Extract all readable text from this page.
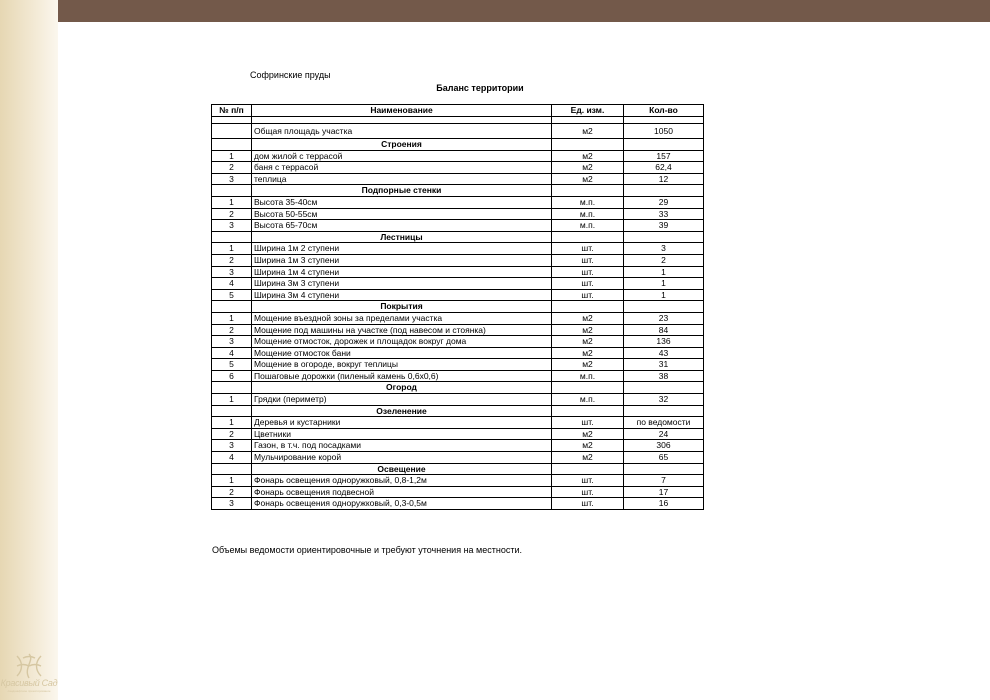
Софринские пруды
Баланс территории
№ п/п	Наименование	Ед. изм.	Кол-во

	Общая площадь участка	м2	1050
	Строения		
1	дом жилой с террасой	м2	157
2	баня с террасой	м2	62,4
3	теплица	м2	12
	Подпорные стенки		
1	Высота 35-40см	м.п.	29
2	Высота 50-55см	м.п.	33
3	Высота 65-70см	м.п.	39
	Лестницы		
1	Ширина 1м 2 ступени	шт.	3
2	Ширина 1м 3 ступени	шт.	2
3	Ширина 1м 4 ступени	шт.	1
4	Ширина 3м 3 ступени	шт.	1
5	Ширина 3м 4 ступени	шт.	1
	Покрытия		
1	Мощение въездной зоны за пределами участка	м2	23
2	Мощение под машины на участке (под навесом и стоянка)	м2	84
3	Мощение отмосток, дорожек и площадок вокруг дома	м2	136
4	Мощение отмосток бани	м2	43
5	Мощение в огороде, вокруг теплицы	м2	31
6	Пошаговые дорожки (пиленый камень 0,6х0,6)	м.п.	38
	Огород		
1	Грядки (периметр)	м.п.	32
	Озеленение		
1	Деревья и кустарники	шт.	по ведомости
2	Цветники	м2	24
3	Газон, в т.ч. под посадками	м2	306
4	Мульчирование корой	м2	65
	Освещение		
1	Фонарь освещения одноружковый, 0,8-1,2м	шт.	7
2	Фонарь освещения подвесной	шт.	17
3	Фонарь освещения одноружковый, 0,3-0,5м	шт.	16
Объемы ведомости ориентировочные и требуют уточнения на местности.
Красивый Сад
ландшафтное проектирование
